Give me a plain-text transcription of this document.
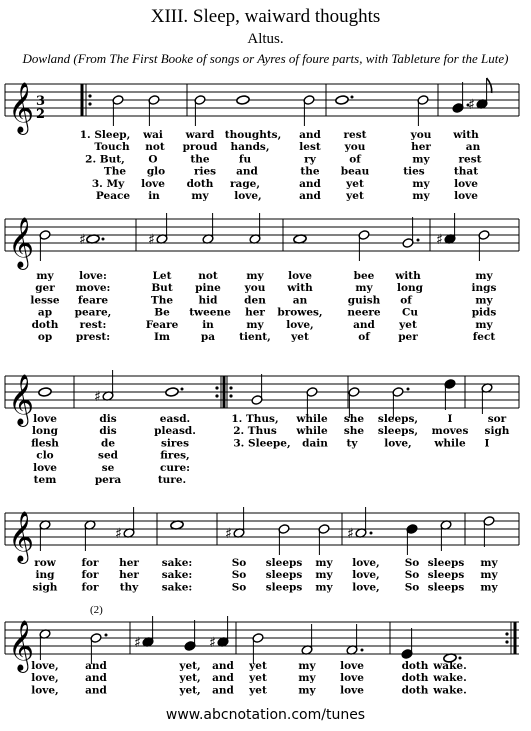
XIII. Sleep, waiward thoughts
Altus.
Dowland (From The First Booke of songs or Ayres of foure parts, with Tableture for the Lute)
𝄞	♯
1. Sleep, wai ward thoughts, and rest	you with
Touch not proud hands,	lest you	her	an
2. But, O	the	fu	ry	of	my	rest
The glo	ries and	the beau	ties	that
3. My love doth rage,	and yet	my love
Peace in	my love,	and yet	my love
𝄞	♯	♯	♯
my love:	Let	not	my love	bee with	my
ger move:	But pine you with	my long	ings
lesse feare	The hid	den	an	guish of	my
ap peare,	Be tweene her browes, neere Cu	pids
doth rest:	Feare in	my love,	and yet	my
op prest:	Im	pa tient, yet	of	per	fect
𝄞	♯
love	dis	easd.	1. Thus, while she sleeps,	I	sor
long	dis	pleasd.	2. Thus while she sleeps, moves sigh
flesh	de	sires	3. Sleepe, dain ty	love, while I
clo	sed	fires,
love	se	cure:
tem	pera	ture.
𝄞	♯	♯	♯
row for her sake:	So sleeps my love, So sleeps my
ing	for her sake:	So sleeps my love, So sleeps my
sigh for thy sake:	So sleeps my love, So sleeps my
𝄞	♯	♯
love,	and	yet, and yet	my love	doth wake.
love,	and	yet, and yet	my love	doth wake.
love,	and	yet, and yet	my love	doth wake.
3
2
(2)
www.abcnotation.com/tunes
